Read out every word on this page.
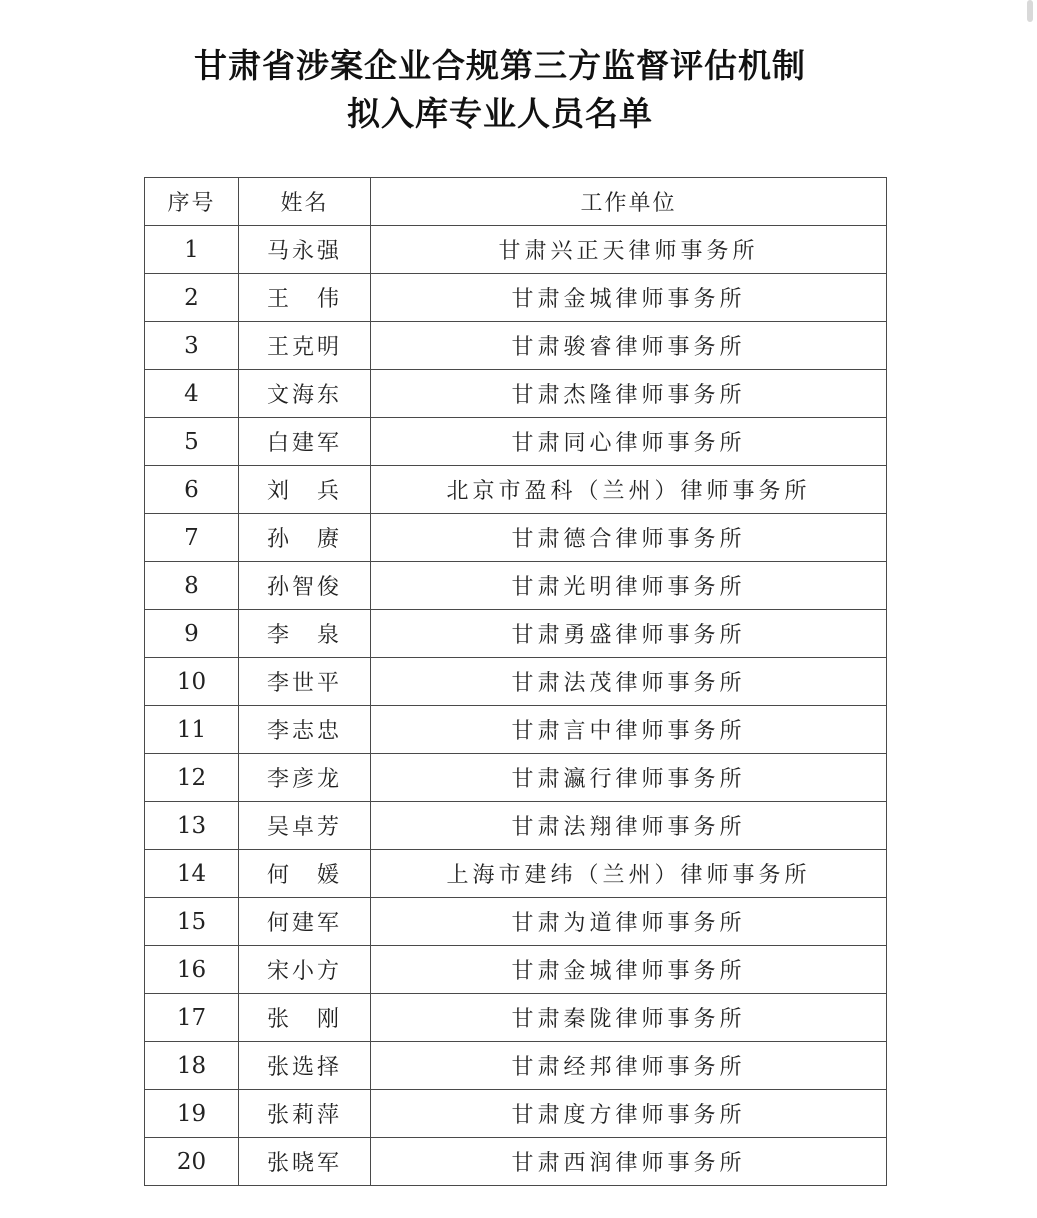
甘肃省涉案企业合规第三方监督评估机制
拟入库专业人员名单
序号	姓名	工作单位
1	马永强	甘肃兴正天律师事务所
2	王　伟	甘肃金城律师事务所
3	王克明	甘肃骏睿律师事务所
4	文海东	甘肃杰隆律师事务所
5	白建军	甘肃同心律师事务所
6	刘　兵	北京市盈科（兰州）律师事务所
7	孙　赓	甘肃德合律师事务所
8	孙智俊	甘肃光明律师事务所
9	李　泉	甘肃勇盛律师事务所
10	李世平	甘肃法茂律师事务所
11	李志忠	甘肃言中律师事务所
12	李彦龙	甘肃瀛行律师事务所
13	吴卓芳	甘肃法翔律师事务所
14	何　媛	上海市建纬（兰州）律师事务所
15	何建军	甘肃为道律师事务所
16	宋小方	甘肃金城律师事务所
17	张　刚	甘肃秦陇律师事务所
18	张选择	甘肃经邦律师事务所
19	张莉萍	甘肃度方律师事务所
20	张晓军	甘肃西润律师事务所
